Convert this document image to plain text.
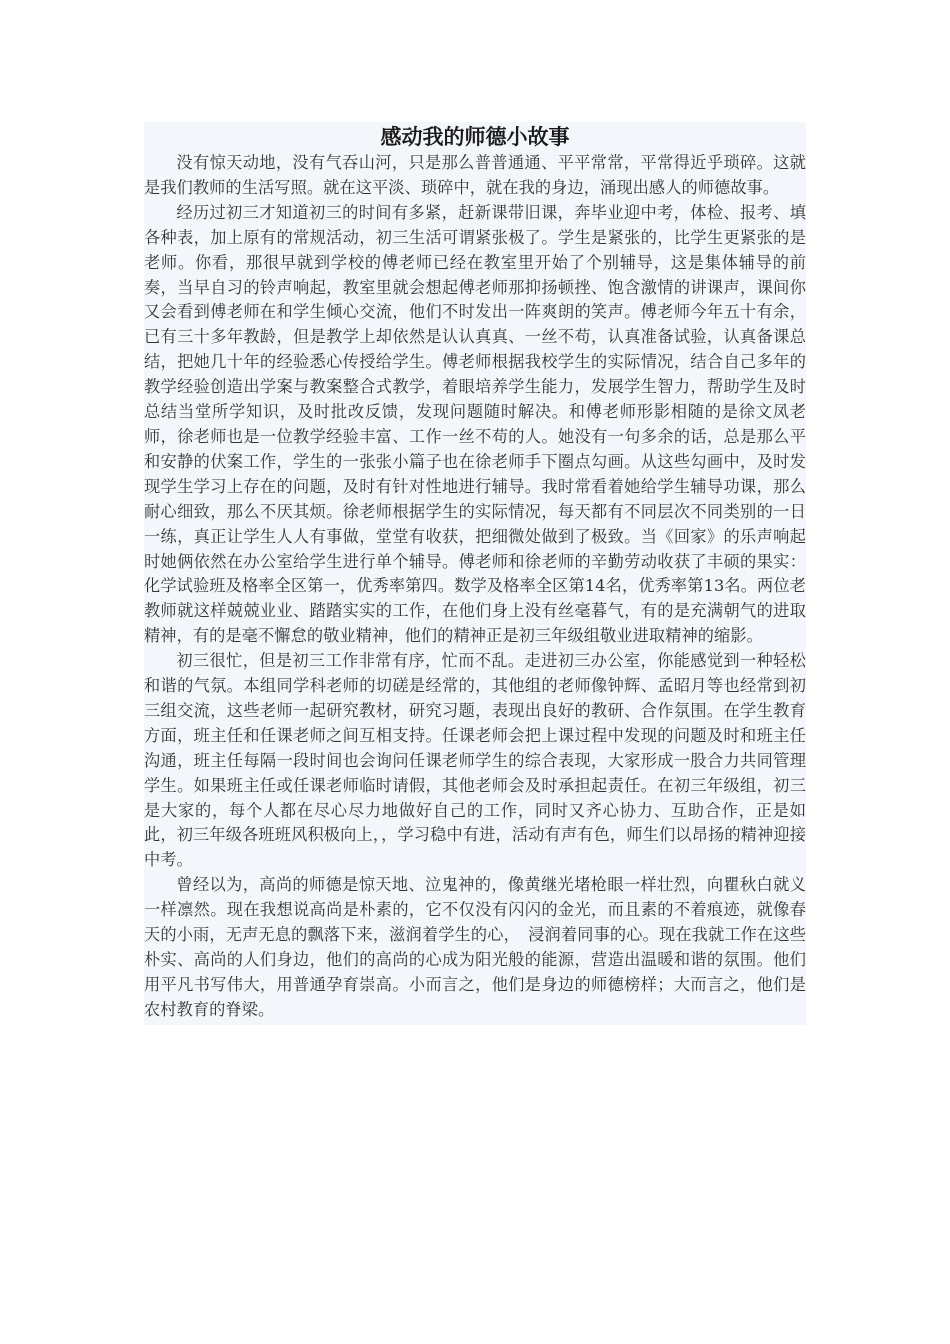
感动我的师德小故事

没有惊天动地，没有气吞山河，只是那么普普通通、平平常常，平常得近乎琐碎。这就是我们教师的生活写照。就在这平淡、琐碎中，就在我的身边，涌现出感人的师德故事。

经历过初三才知道初三的时间有多紧，赶新课带旧课，奔毕业迎中考，体检、报考、填各种表，加上原有的常规活动，初三生活可谓紧张极了。学生是紧张的，比学生更紧张的是老师。你看，那很早就到学校的傅老师已经在教室里开始了个别辅导，这是集体辅导的前奏，当早自习的铃声响起，教室里就会想起傅老师那抑扬顿挫、饱含激情的讲课声，课间你又会看到傅老师在和学生倾心交流，他们不时发出一阵爽朗的笑声。傅老师今年五十有余，已有三十多年教龄，但是教学上却依然是认认真真、一丝不苟，认真准备试验，认真备课总结，把她几十年的经验悉心传授给学生。傅老师根据我校学生的实际情况，结合自己多年的教学经验创造出学案与教案整合式教学，着眼培养学生能力，发展学生智力，帮助学生及时总结当堂所学知识，及时批改反馈，发现问题随时解决。和傅老师形影相随的是徐文凤老师，徐老师也是一位教学经验丰富、工作一丝不苟的人。她没有一句多余的话，总是那么平和安静的伏案工作，学生的一张张小篇子也在徐老师手下圈点勾画。从这些勾画中，及时发现学生学习上存在的问题，及时有针对性地进行辅导。我时常看着她给学生辅导功课，那么耐心细致，那么不厌其烦。徐老师根据学生的实际情况，每天都有不同层次不同类别的一日一练，真正让学生人人有事做，堂堂有收获，把细微处做到了极致。当《回家》的乐声响起时她俩依然在办公室给学生进行单个辅导。傅老师和徐老师的辛勤劳动收获了丰硕的果实：化学试验班及格率全区第一，优秀率第四。数学及格率全区第14名，优秀率第13名。两位老教师就这样兢兢业业、踏踏实实的工作，在他们身上没有丝毫暮气，有的是充满朝气的进取精神，有的是毫不懈怠的敬业精神，他们的精神正是初三年级组敬业进取精神的缩影。

初三很忙，但是初三工作非常有序，忙而不乱。走进初三办公室，你能感觉到一种轻松和谐的气氛。本组同学科老师的切磋是经常的，其他组的老师像钟辉、孟昭月等也经常到初三组交流，这些老师一起研究教材，研究习题，表现出良好的教研、合作氛围。在学生教育方面，班主任和任课老师之间互相支持。任课老师会把上课过程中发现的问题及时和班主任沟通，班主任每隔一段时间也会询问任课老师学生的综合表现，大家形成一股合力共同管理学生。如果班主任或任课老师临时请假，其他老师会及时承担起责任。在初三年级组，初三是大家的，每个人都在尽心尽力地做好自己的工作，同时又齐心协力、互助合作，正是如此，初三年级各班班风积极向上，，学习稳中有进，活动有声有色，师生们以昂扬的精神迎接中考。

曾经以为，高尚的师德是惊天地、泣鬼神的，像黄继光堵枪眼一样壮烈，向瞿秋白就义一样凛然。现在我想说高尚是朴素的，它不仅没有闪闪的金光，而且素的不着痕迹，就像春天的小雨，无声无息的飘落下来，滋润着学生的心，　浸润着同事的心。现在我就工作在这些朴实、高尚的人们身边，他们的高尚的心成为阳光般的能源，营造出温暖和谐的氛围。他们用平凡书写伟大，用普通孕育崇高。小而言之，他们是身边的师德榜样；大而言之，他们是农村教育的脊梁。
